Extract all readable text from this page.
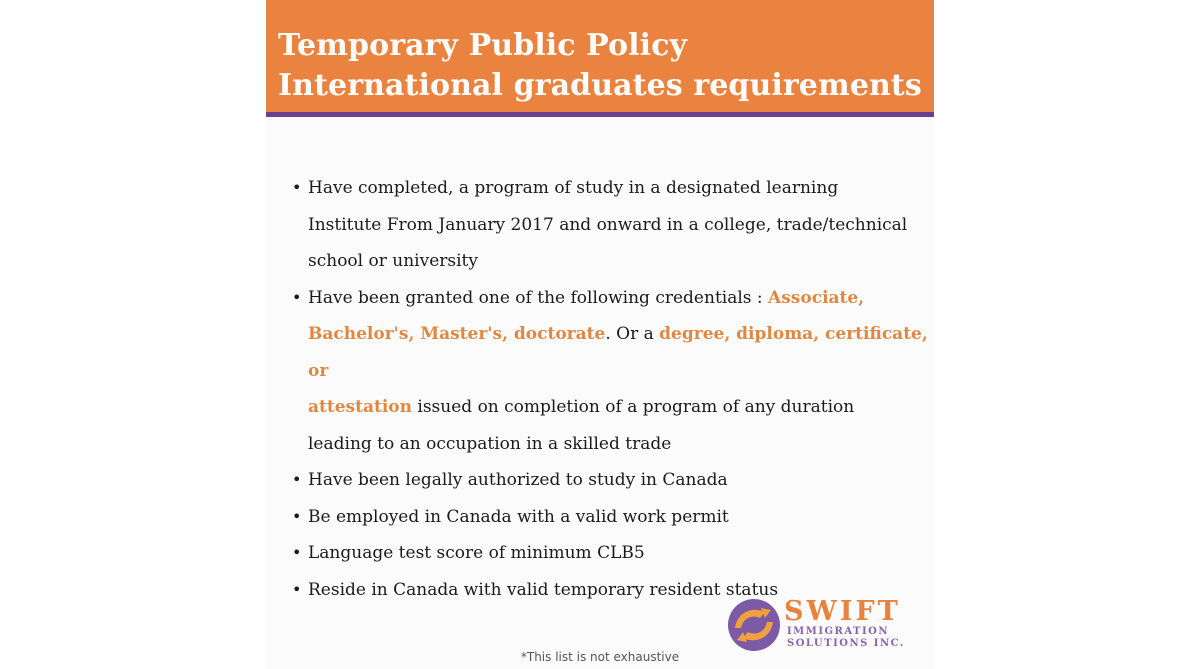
Temporary Public Policy
International graduates requirements
• Have completed, a program of study in a designated learning
Institute From January 2017 and onward in a college, trade/technical
school or university
• Have been granted one of the following credentials : Associate,
Bachelor's, Master's, doctorate. Or a degree, diploma, certificate, or
attestation issued on completion of a program of any duration
leading to an occupation in a skilled trade
• Have been legally authorized to study in Canada
• Be employed in Canada with a valid work permit
• Language test score of minimum CLB5
• Reside in Canada with valid temporary resident status
SWIFT
IMMIGRATION
SOLUTIONS INC.
*This list is not exhaustive
